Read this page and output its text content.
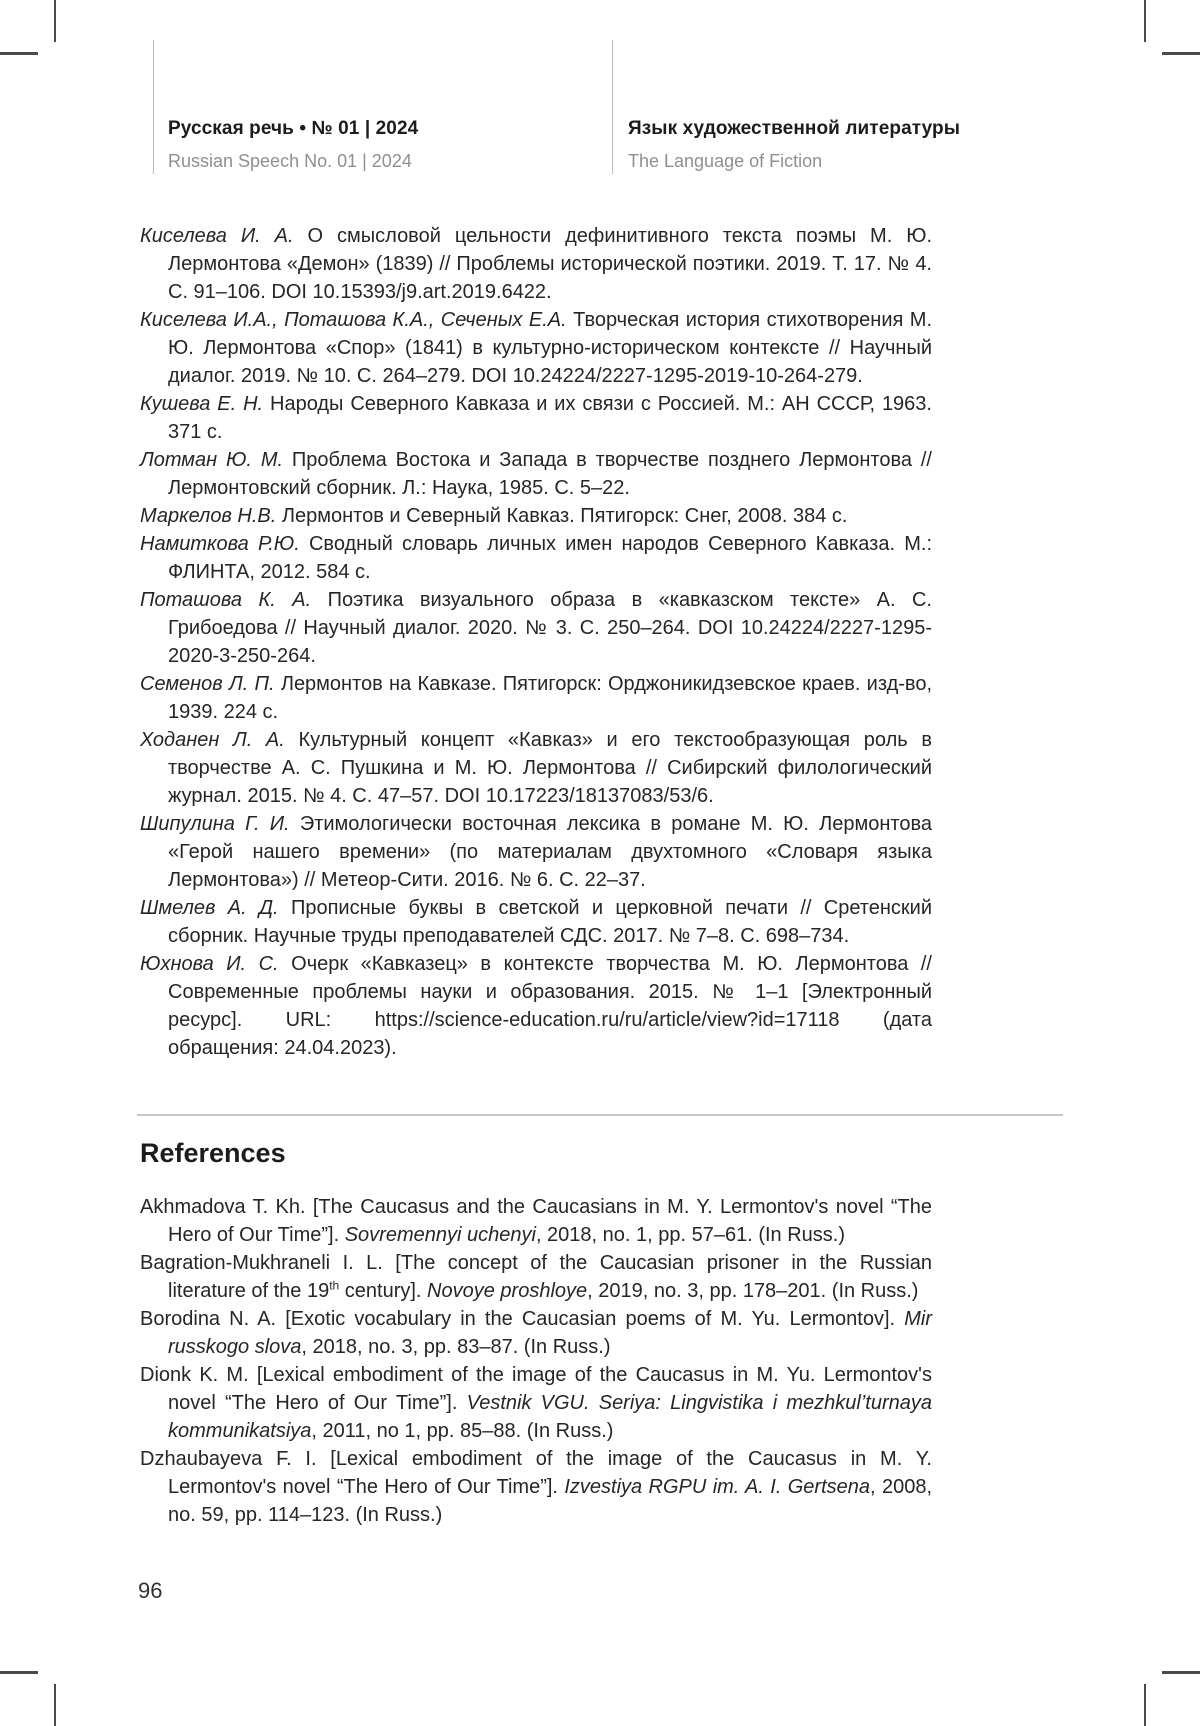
Русская речь • № 01 | 2024
Russian Speech No. 01 | 2024
Язык художественной литературы
The Language of Fiction

Киселева И. А. О смысловой цельности дефинитивного текста поэмы М. Ю. Лермонтова «Демон» (1839) // Проблемы исторической поэтики. 2019. Т. 17. № 4. С. 91–106. DOI 10.15393/j9.art.2019.6422.

Киселева И.А., Поташова К.А., Сеченых Е.А. Творческая история стихотворения М. Ю. Лермонтова «Спор» (1841) в культурно-историческом контексте // Научный диалог. 2019. № 10. С. 264–279. DOI 10.24224/2227-1295-2019-10-264-279.

Кушева Е. Н. Народы Северного Кавказа и их связи с Россией. М.: АН СССР, 1963. 371 с.

Лотман Ю. М. Проблема Востока и Запада в творчестве позднего Лермонтова // Лермонтовский сборник. Л.: Наука, 1985. С. 5–22.

Маркелов Н.В. Лермонтов и Северный Кавказ. Пятигорск: Снег, 2008. 384 с.

Намиткова Р.Ю. Сводный словарь личных имен народов Северного Кавказа. М.: ФЛИНТА, 2012. 584 с.

Поташова К. А. Поэтика визуального образа в «кавказском тексте» А. С. Грибоедова // Научный диалог. 2020. № 3. С. 250–264. DOI 10.24224/2227-1295-2020-3-250-264.

Семенов Л. П. Лермонтов на Кавказе. Пятигорск: Орджоникидзевское краев. изд-во, 1939. 224 с.

Ходанен Л. А. Культурный концепт «Кавказ» и его текстообразующая роль в творчестве А. С. Пушкина и М. Ю. Лермонтова // Сибирский филологический журнал. 2015. № 4. С. 47–57. DOI 10.17223/18137083/53/6.

Шипулина Г. И. Этимологически восточная лексика в романе М. Ю. Лермонтова «Герой нашего времени» (по материалам двухтомного «Словаря языка Лермонтова») // Метеор-Сити. 2016. № 6. С. 22–37.

Шмелев А. Д. Прописные буквы в светской и церковной печати // Сретенский сборник. Научные труды преподавателей СДС. 2017. № 7–8. С. 698–734.

Юхнова И. С. Очерк «Кавказец» в контексте творчества М. Ю. Лермонтова // Современные проблемы науки и образования. 2015. № 1–1 [Электронный ресурс]. URL: https://science-education.ru/ru/article/view?id=17118 (дата обращения: 24.04.2023).

References

Akhmadova T. Kh. [The Caucasus and the Caucasians in M. Y. Lermontov's novel “The Hero of Our Time”]. Sovremennyi uchenyi, 2018, no. 1, pp. 57–61. (In Russ.)

Bagration-Mukhraneli I. L. [The concept of the Caucasian prisoner in the Russian literature of the 19th century]. Novoye proshloye, 2019, no. 3, pp. 178–201. (In Russ.)

Borodina N. A. [Exotic vocabulary in the Caucasian poems of M. Yu. Lermontov]. Mir russkogo slova, 2018, no. 3, pp. 83–87. (In Russ.)

Dionk K. M. [Lexical embodiment of the image of the Caucasus in M. Yu. Lermontov's novel “The Hero of Our Time”]. Vestnik VGU. Seriya: Lingvistika i mezhkul’turnaya kommunikatsiya, 2011, no 1, pp. 85–88. (In Russ.)

Dzhaubayeva F. I. [Lexical embodiment of the image of the Caucasus in M. Y. Lermontov's novel “The Hero of Our Time”]. Izvestiya RGPU im. A. I. Gertsena, 2008, no. 59, pp. 114–123. (In Russ.)

96
